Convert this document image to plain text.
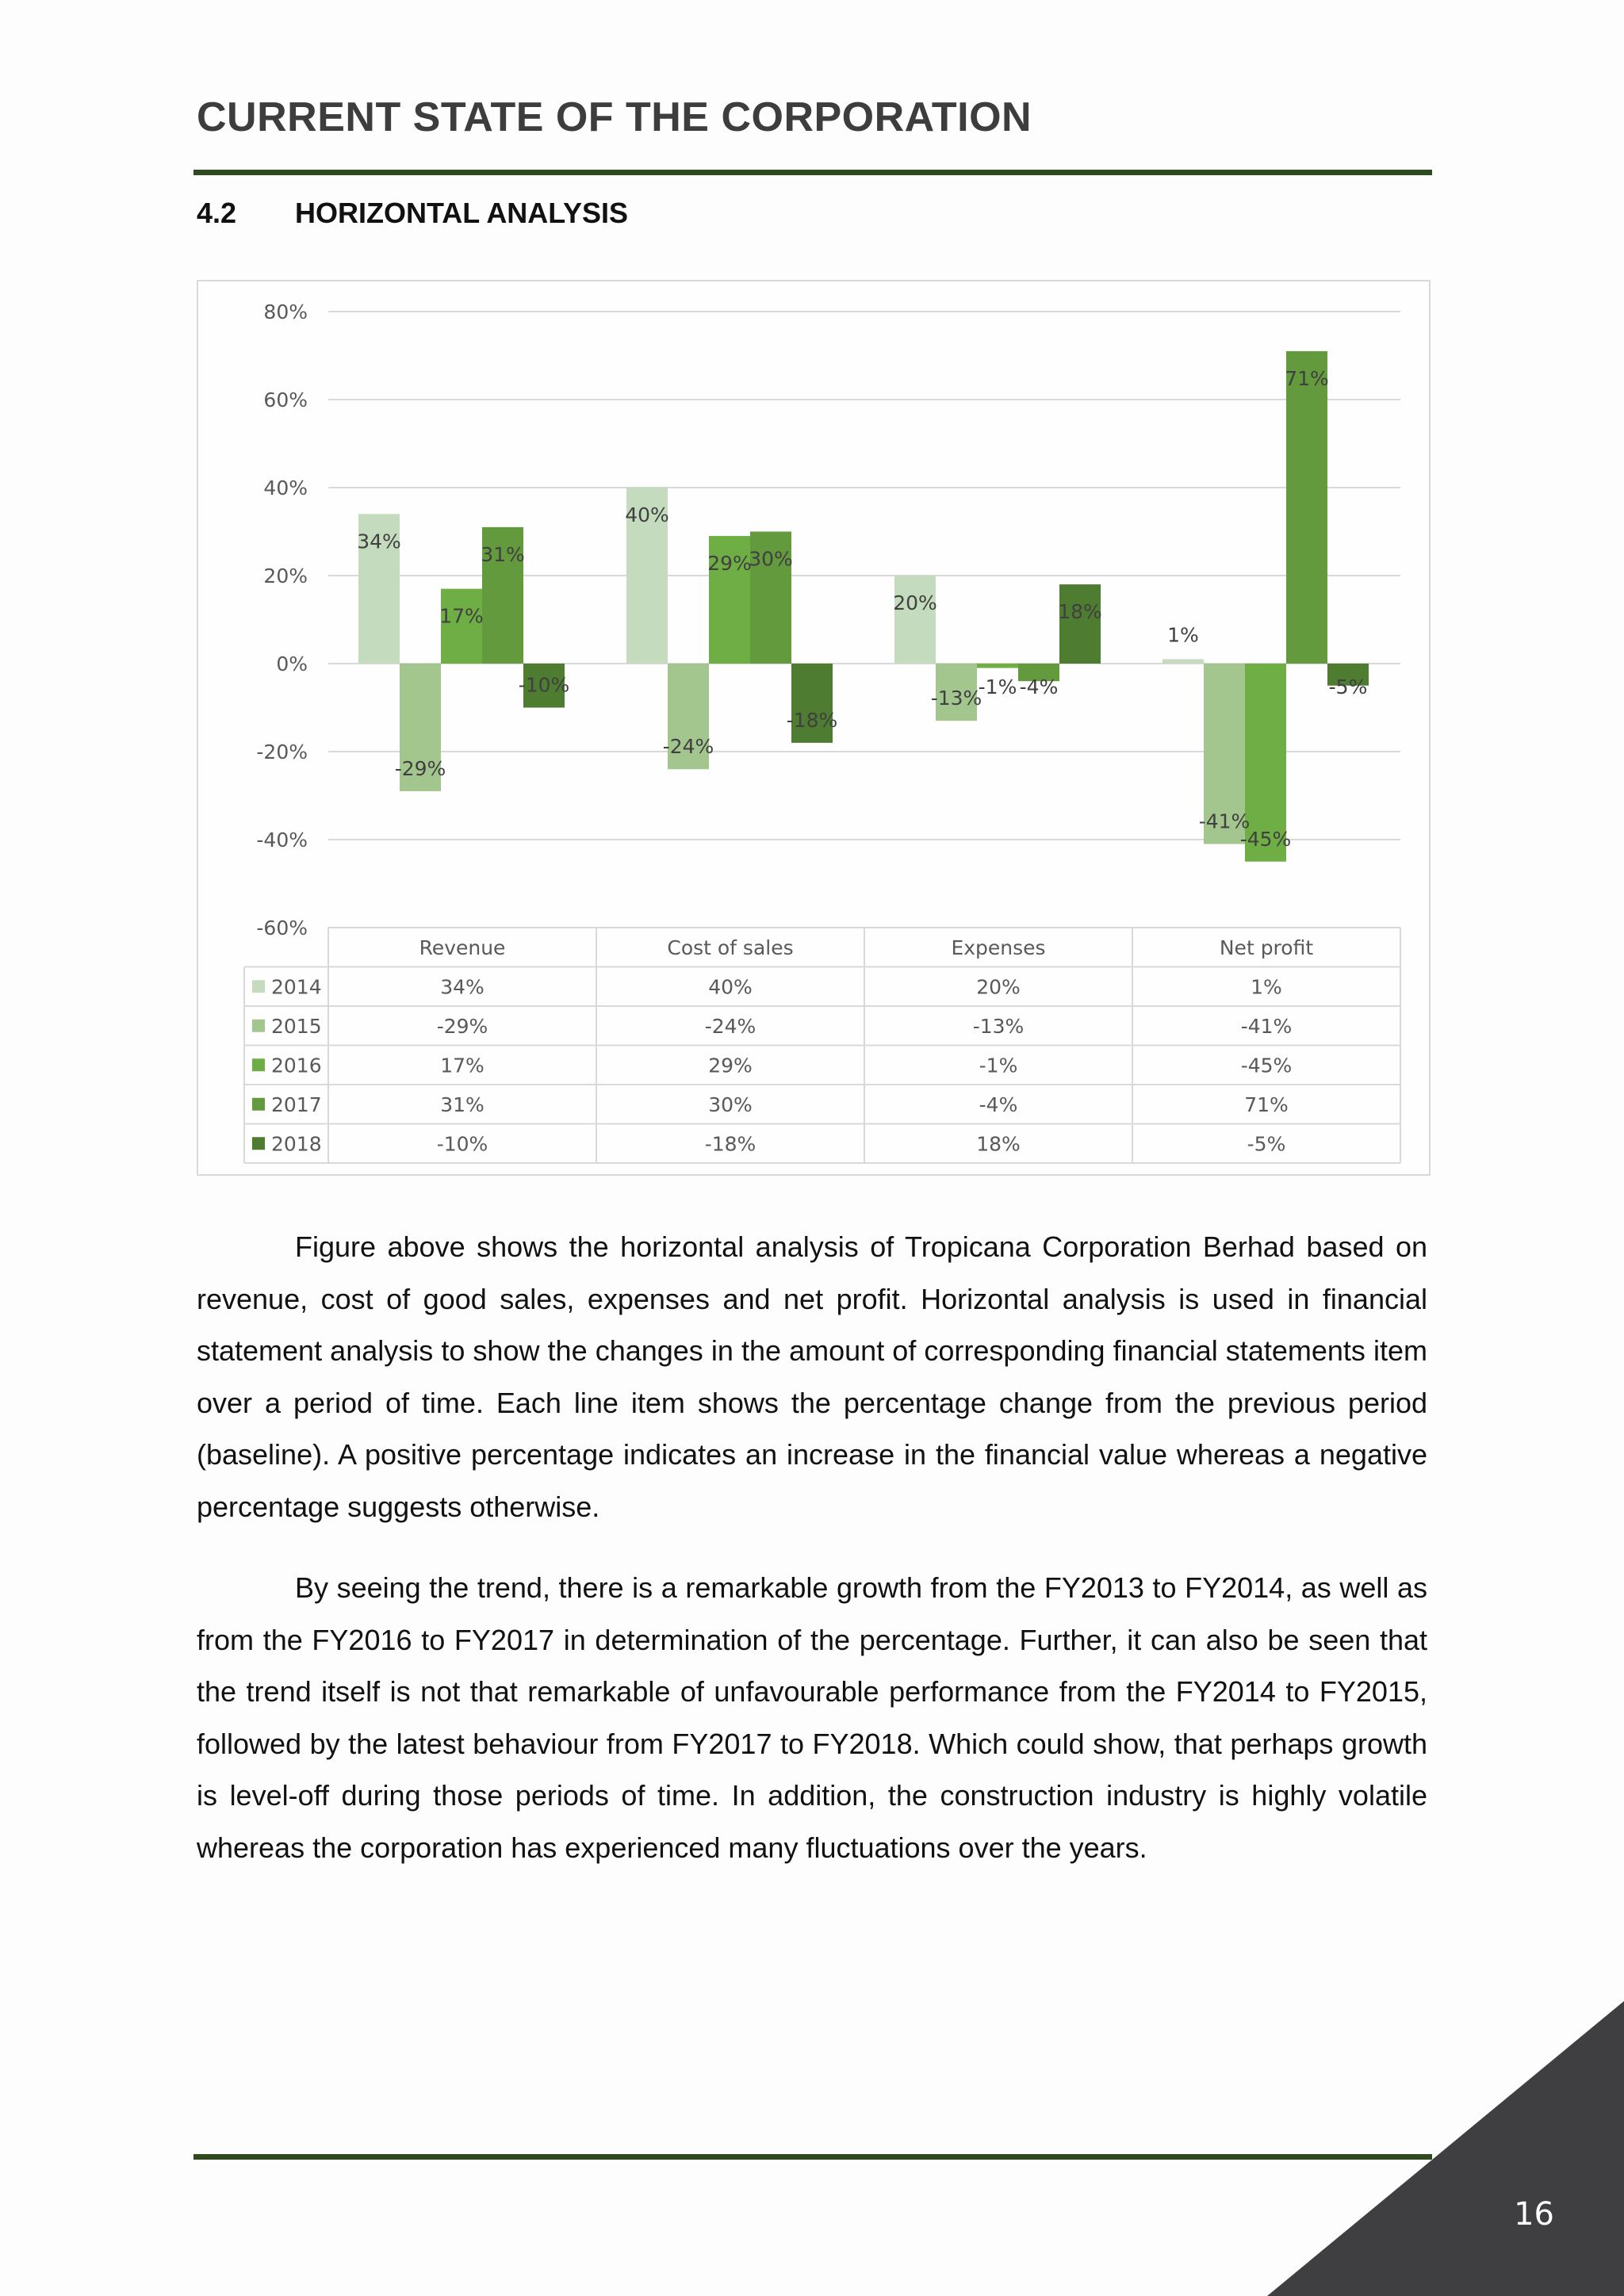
CURRENT STATE OF THE CORPORATION
4.2 HORIZONTAL ANALYSIS
80%
60%
40%
20%
0%
-20%
-40%
-60%
34%
40%
20%
1%
-29%
-24%
-13%
-41%
17%
29%
-1%
-45%
31%	30%
-4%
71%
-10%
-18%
18%
-5%
Revenue	Cost of sales	Expenses	Net profit
2014	34%	40%	20%	1%
2015	-29%	-24%	-13%	-41%
2016	17%	29%	-1%	-45%
2017	31%	30%	-4%	71%
2018	-10%	-18%	18%	-5%

Figure above shows the horizontal analysis of Tropicana Corporation Berhad based on revenue, cost of good sales, expenses and net profit. Horizontal analysis is used in financial statement analysis to show the changes in the amount of corresponding financial statements item over a period of time. Each line item shows the percentage change from the previous period (baseline). A positive percentage indicates an increase in the financial value whereas a negative percentage suggests otherwise.

By seeing the trend, there is a remarkable growth from the FY2013 to FY2014, as well as from the FY2016 to FY2017 in determination of the percentage. Further, it can also be seen that the trend itself is not that remarkable of unfavourable performance from the FY2014 to FY2015, followed by the latest behaviour from FY2017 to FY2018. Which could show, that perhaps growth is level-off during those periods of time. In addition, the construction industry is highly volatile whereas the corporation has experienced many fluctuations over the years.

16
